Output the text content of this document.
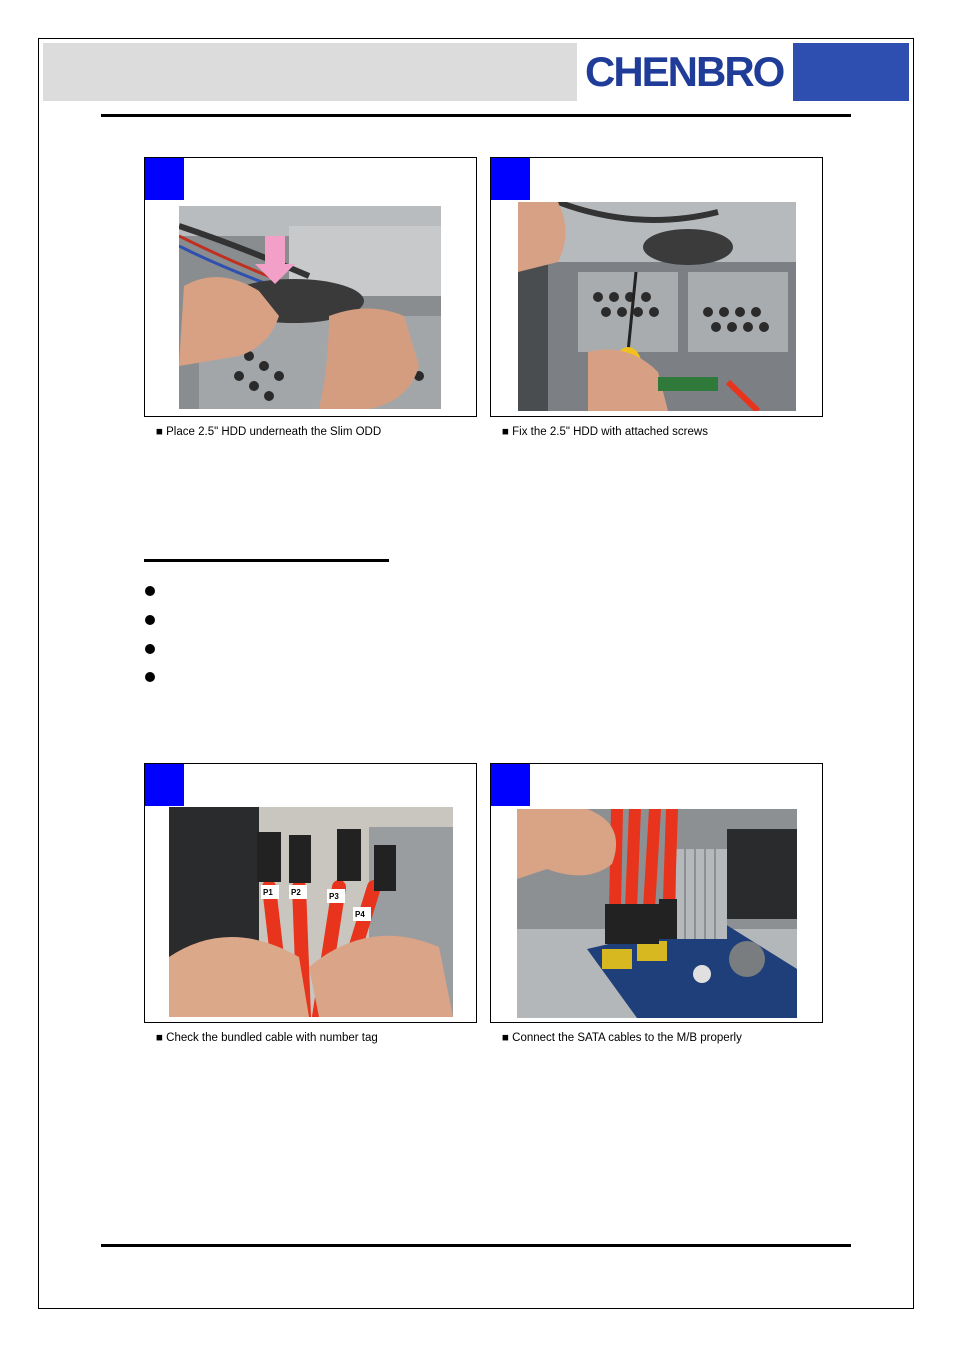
CHENBRO
■ Place 2.5" HDD underneath the Slim ODD	■ Fix the 2.5" HDD with attached screws
P1 P2	P3
P4
■ Check the bundled cable with number tag	■ Connect the SATA cables to the M/B properly
